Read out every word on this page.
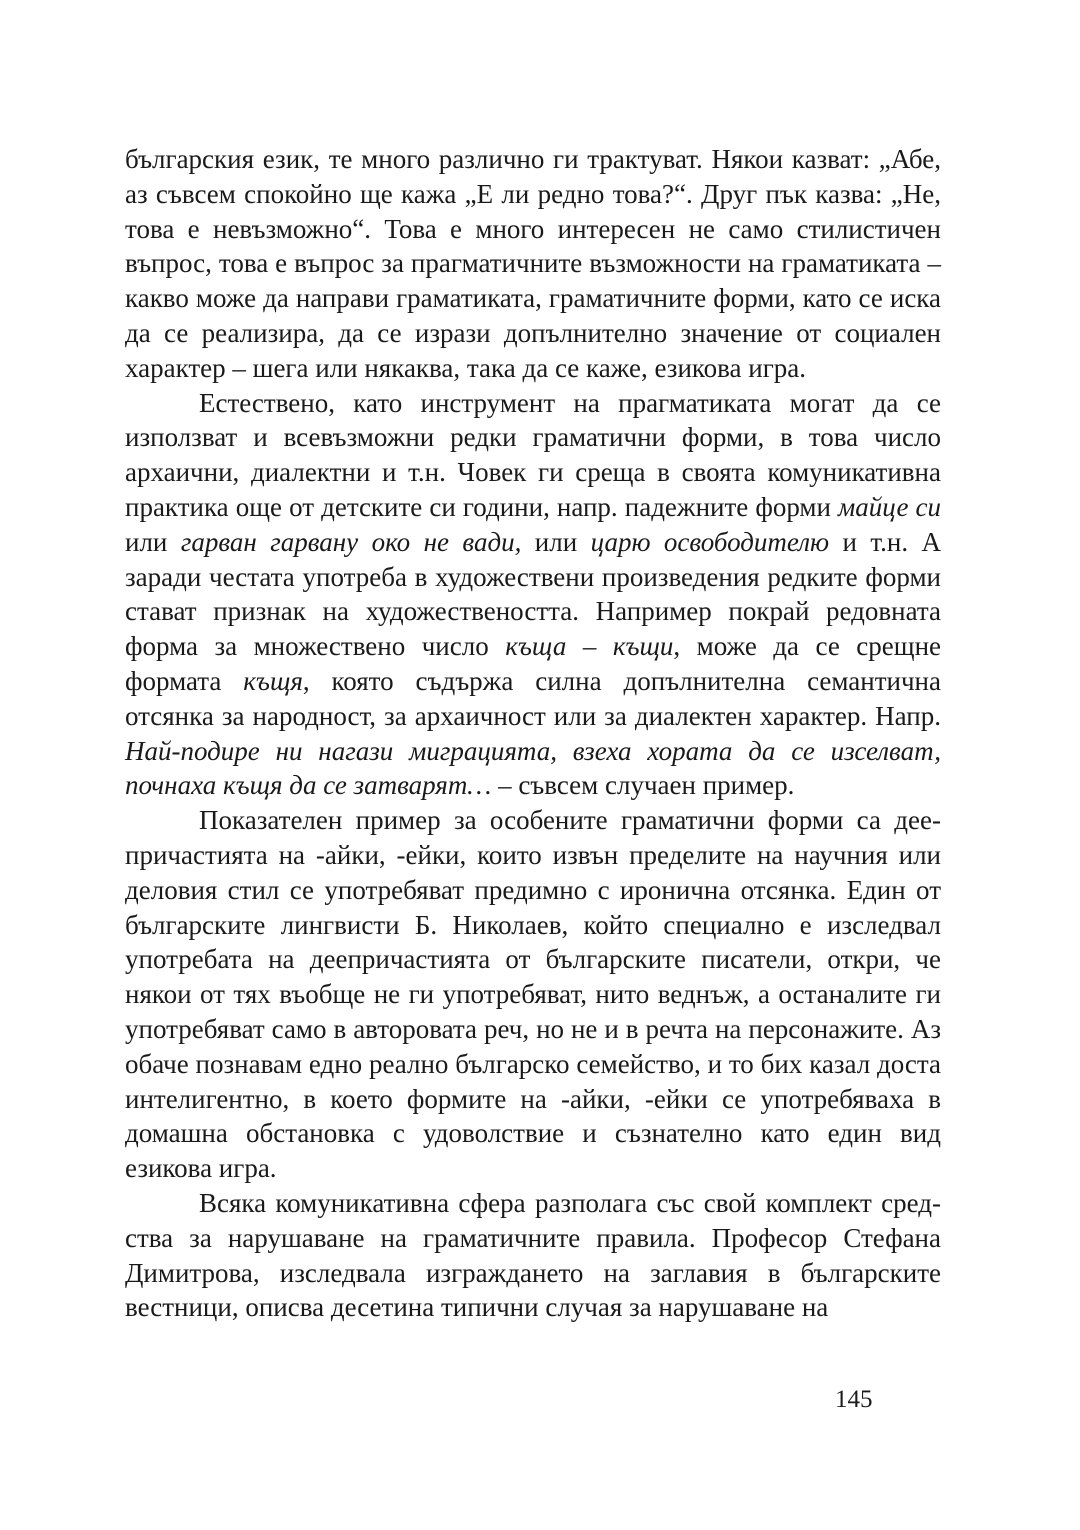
българския език, те много различно ги трактуват. Някои казват: „Абе, аз съвсем спокойно ще кажа „Е ли редно това?“. Друг пък казва: „Не, това е невъзможно“. Това е много интересен не само стилистичен въпрос, това е въпрос за прагматичните възможности на граматиката – какво може да направи граматиката, граматичните форми, като се иска да се реализира, да се изрази допълнително значение от социален характер – шега или някаква, така да се каже, езикова игра.

Естествено, като инструмент на прагматиката могат да се използват и всевъзможни редки граматични форми, в това число архаични, диалектни и т.н. Човек ги среща в своята комуникативна практика още от детските си години, напр. падежните форми майце си или гарван гарвану око не вади, или царю освободителю и т.н. А заради честата употреба в художествени произведения редките форми стават признак на художествеността. Например покрай редовната форма за множествено число къща – къщи, може да се срещне формата къщя, която съдържа силна допълнителна семантична отсянка за народност, за архаичност или за диалектен характер. Напр. Най-подире ни нагази миграцията, взеха хората да се изселват, почнаха къщя да се затварят… – съвсем случаен пример.

Показателен пример за особените граматични форми са деепричастията на -айки, -ейки, които извън пределите на научния или деловия стил се употребяват предимно с иронична отсянка. Един от българските лингвисти Б. Николаев, който специално е изследвал употребата на деепричастията от българските писатели, откри, че някои от тях въобще не ги употребяват, нито веднъж, а останалите ги употребяват само в авторовата реч, но не и в речта на персонажите. Аз обаче познавам едно реално българско семейство, и то бих казал доста интелигентно, в което формите на -айки, -ейки се употребяваха в домашна обстановка с удоволствие и съзнателно като един вид езикова игра.

Всяка комуникативна сфера разполага със свой комплект средства за нарушаване на граматичните правила. Професор Стефана Димитрова, изследвала изграждането на заглавия в българските вестници, описва десетина типични случая за нарушаване на

145
